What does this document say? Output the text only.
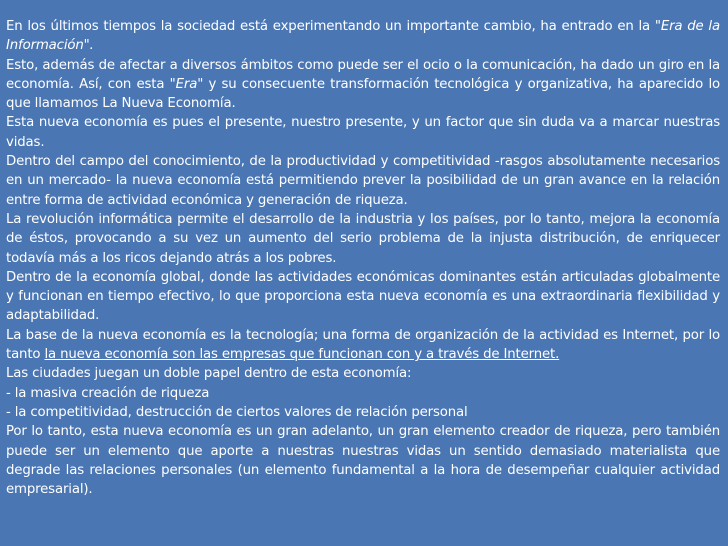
En los últimos tiempos la sociedad está experimentando un importante cambio, ha entrado en la "Era de la Información".

Esto, además de afectar a diversos ámbitos como puede ser el ocio o la comunicación, ha dado un giro en la economía. Así, con esta "Era" y su consecuente transformación tecnológica y organizativa, ha aparecido lo que llamamos La Nueva Economía.

Esta nueva economía es pues el presente, nuestro presente, y un factor que sin duda va a marcar nuestras vidas.

Dentro del campo del conocimiento, de la productividad y competitividad -rasgos absolutamente necesarios en un mercado- la nueva economía está permitiendo prever la posibilidad de un gran avance en la relación entre forma de actividad económica y generación de riqueza.

La revolución informática permite el desarrollo de la industria y los países, por lo tanto, mejora la economía de éstos, provocando a su vez un aumento del serio problema de la injusta distribución, de enriquecer todavía más a los ricos dejando atrás a los pobres.

Dentro de la economía global, donde las actividades económicas dominantes están articuladas globalmente y funcionan en tiempo efectivo, lo que proporciona esta nueva economía es una extraordinaria flexibilidad y adaptabilidad.

La base de la nueva economía es la tecnología; una forma de organización de la actividad es Internet, por lo tanto la nueva economía son las empresas que funcionan con y a través de Internet.

Las ciudades juegan un doble papel dentro de esta economía:

- la masiva creación de riqueza

- la competitividad, destrucción de ciertos valores de relación personal

Por lo tanto, esta nueva economía es un gran adelanto, un gran elemento creador de riqueza, pero también puede ser un elemento que aporte a nuestras nuestras vidas un sentido demasiado materialista que degrade las relaciones personales (un elemento fundamental a la hora de desempeñar cualquier actividad empresarial).
